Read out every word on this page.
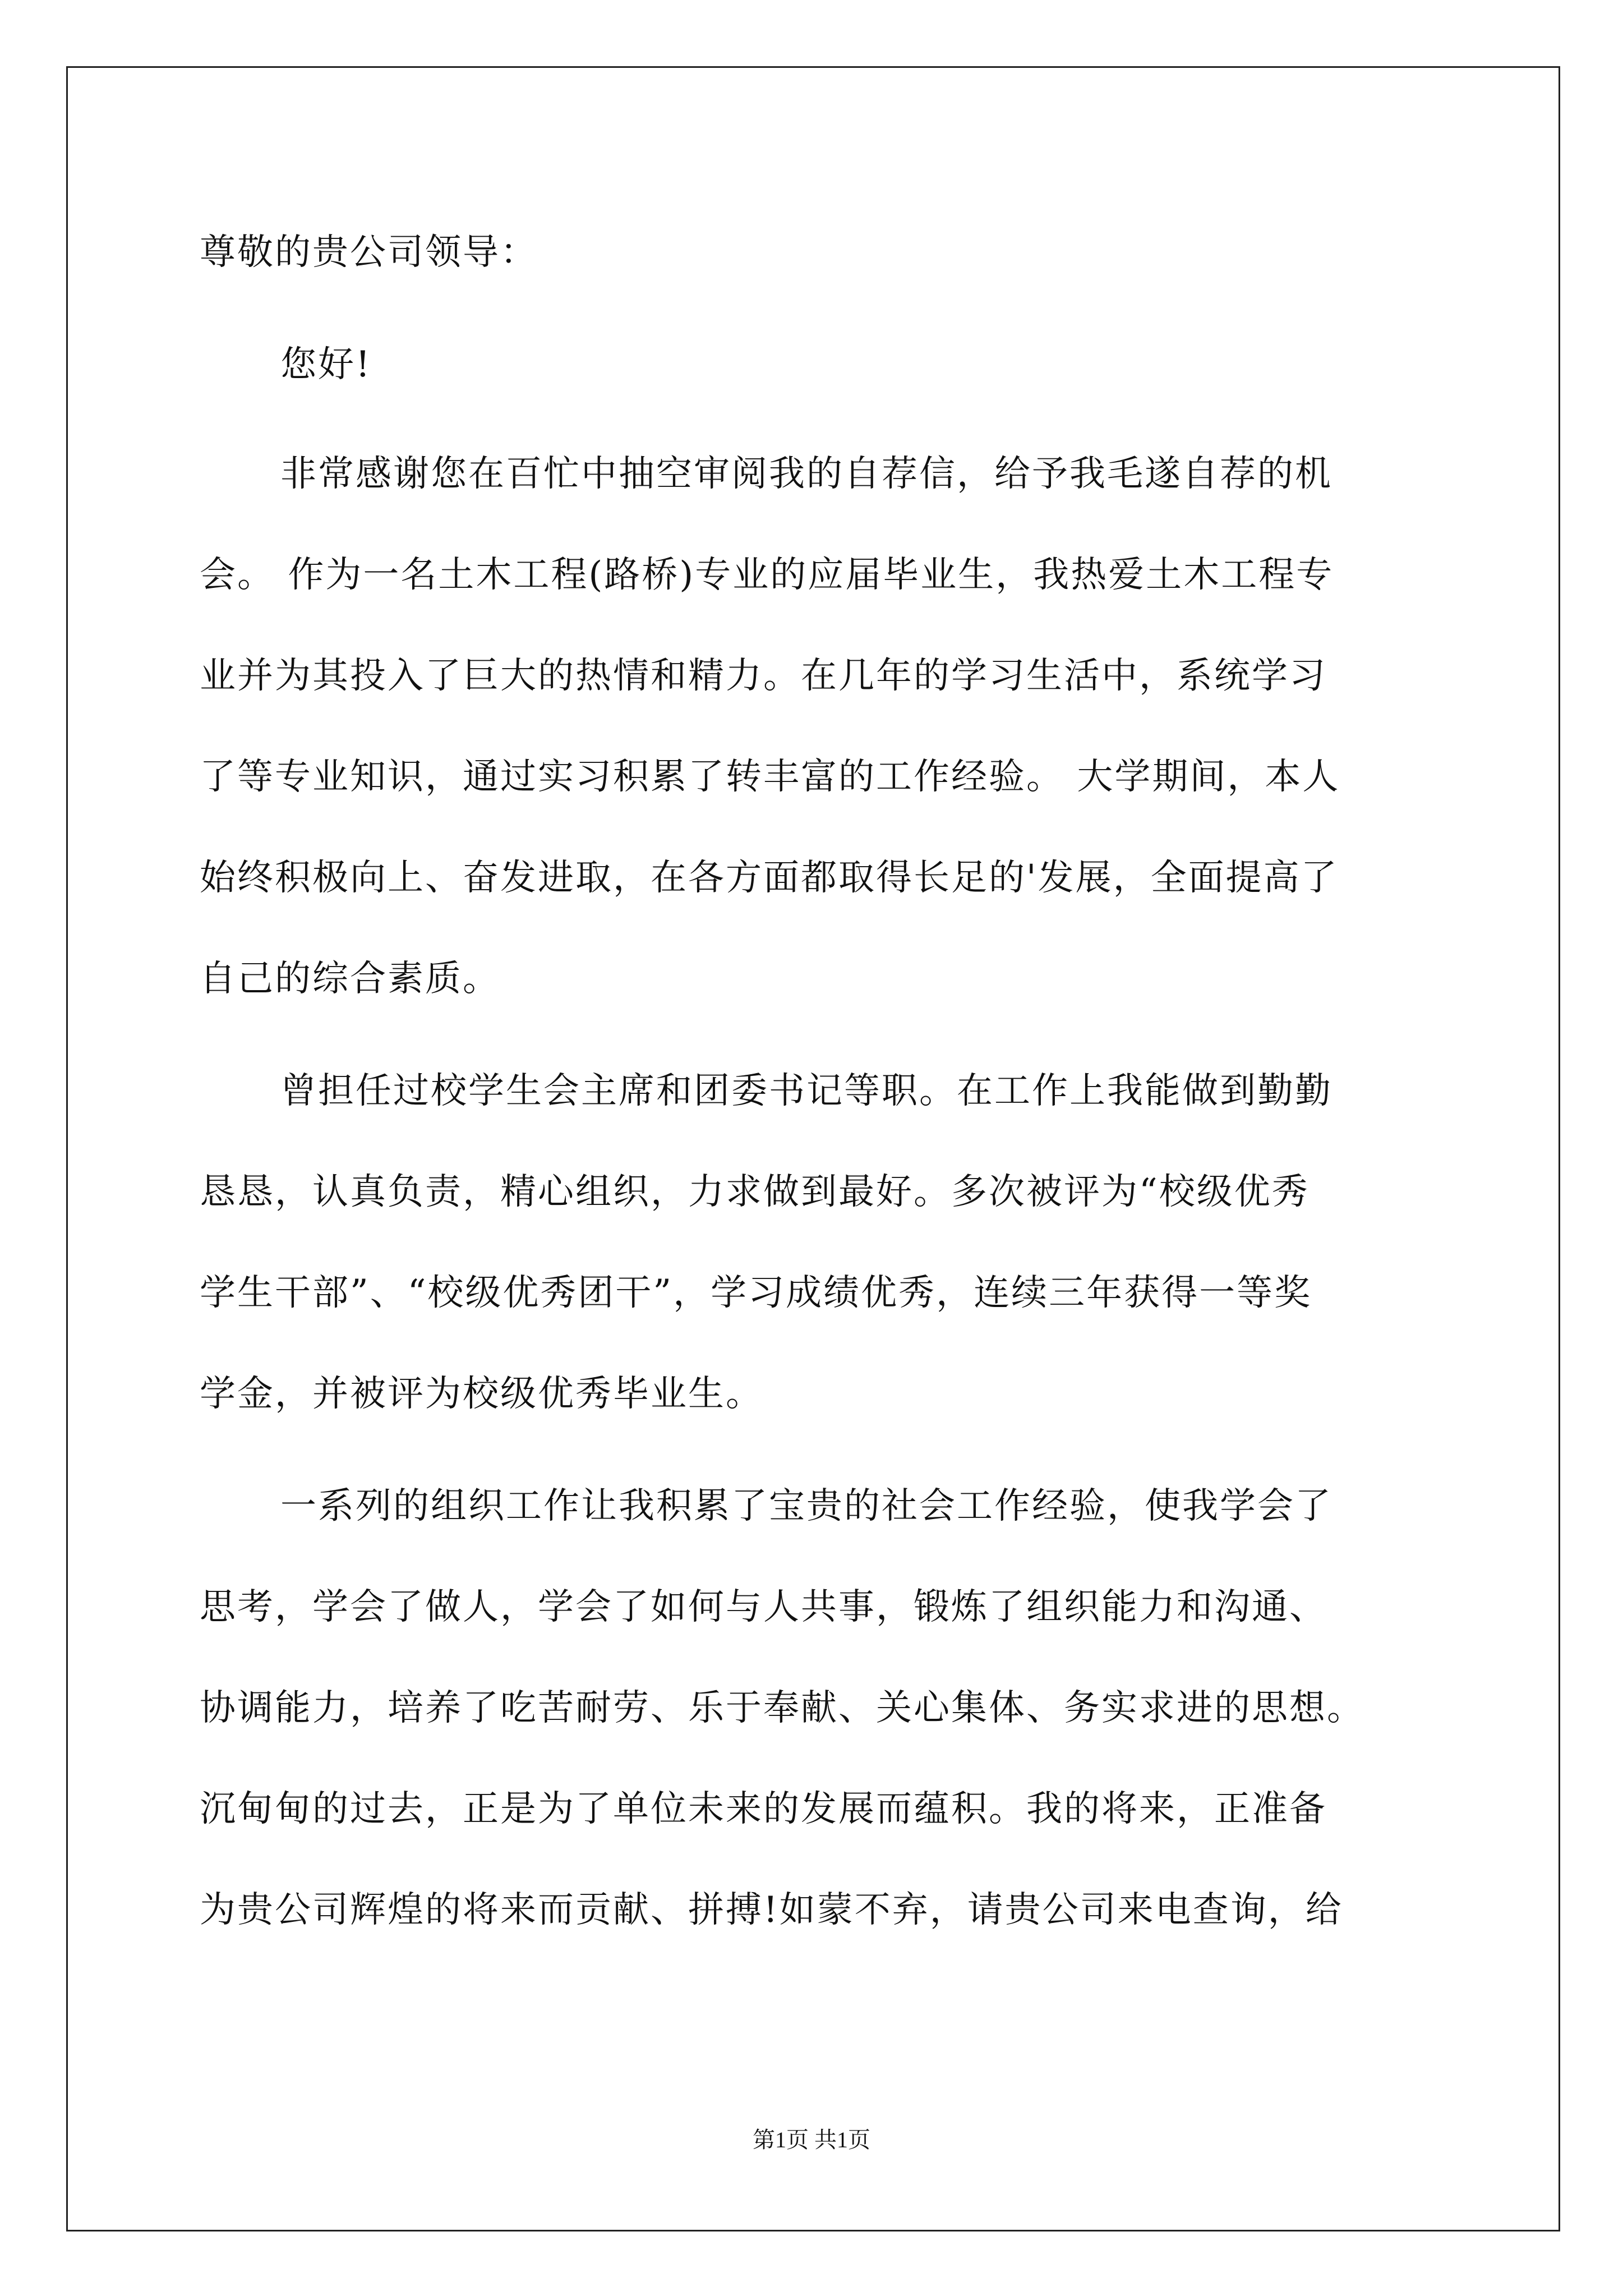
尊敬的贵公司领导：
您好!
非常感谢您在百忙中抽空审阅我的自荐信，给予我毛遂自荐的机
会。 作为一名土木工程(路桥)专业的应届毕业生，我热爱土木工程专
业并为其投入了巨大的热情和精力。在几年的学习生活中，系统学习
了等专业知识，通过实习积累了转丰富的工作经验。 大学期间，本人
始终积极向上、奋发进取，在各方面都取得长足的'发展，全面提高了
自己的综合素质。
曾担任过校学生会主席和团委书记等职。在工作上我能做到勤勤
恳恳，认真负责，精心组织，力求做到最好。多次被评为“校级优秀
学生干部”、“校级优秀团干”，学习成绩优秀，连续三年获得一等奖
学金，并被评为校级优秀毕业生。
一系列的组织工作让我积累了宝贵的社会工作经验，使我学会了
思考，学会了做人，学会了如何与人共事，锻炼了组织能力和沟通、
协调能力，培养了吃苦耐劳、乐于奉献、关心集体、务实求进的思想。
沉甸甸的过去，正是为了单位未来的发展而蕴积。我的将来，正准备
为贵公司辉煌的将来而贡献、拼搏!如蒙不弃，请贵公司来电查询，给
第1页 共1页
